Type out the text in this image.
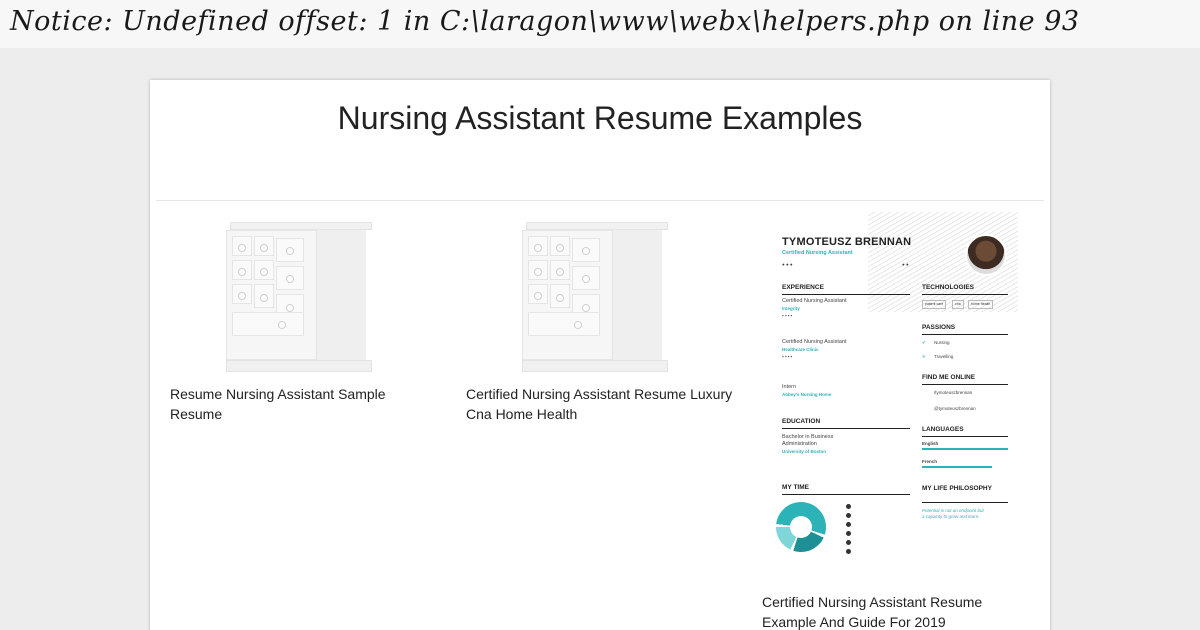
Notice: Undefined offset: 1 in C:\laragon\www\webx\helpers.php on line 93
Nursing Assistant Resume Examples
Resume Nursing Assistant Sample Resume
Certified Nursing Assistant Resume Luxury Cna Home Health
TYMOTEUSZ BRENNAN
Certified Nursing Assistant
● ● ●	● ●
EXPERIENCE
Certified Nursing Assistant
Integrity
▪ ▪ ▪ ▪
Certified Nursing Assistant
Healthcare Clinic
▪ ▪ ▪ ▪
Intern
Abbey's Nursing Home
EDUCATION
Bachelor in Business
Administration
University of Boston
MY TIME
TECHNOLOGIES
patient care	cna	home health
PASSIONS
✔ Nursing
✈ Travelling
FIND ME ONLINE
/tymoteuszbrennan
@tymoteuszbrennan
LANGUAGES
English
French
MY LIFE PHILOSOPHY
Potential is not an endpoint but
a capacity to grow and learn.
Certified Nursing Assistant Resume Example And Guide For 2019
